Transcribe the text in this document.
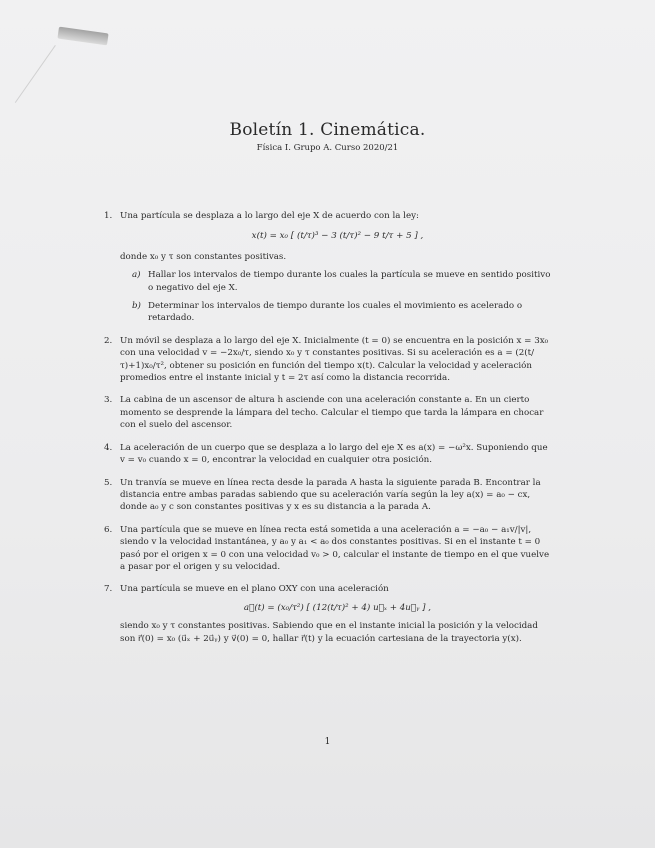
Boletín 1. Cinemática.
Física I. Grupo A. Curso 2020/21
1. Una partícula se desplaza a lo largo del eje X de acuerdo con la ley:
x(t) = x₀ [ (t/τ)³ − 3 (t/τ)² − 9 t/τ + 5 ] ,
donde x₀ y τ son constantes positivas.
a) Hallar los intervalos de tiempo durante los cuales la partícula se mueve en sentido positivo o negativo del eje X.
b) Determinar los intervalos de tiempo durante los cuales el movimiento es acelerado o retardado.
2. Un móvil se desplaza a lo largo del eje X. Inicialmente (t = 0) se encuentra en la posición x = 3x₀ con una velocidad v = −2x₀/τ, siendo x₀ y τ constantes positivas. Si su aceleración es a = (2(t/τ)+1)x₀/τ², obtener su posición en función del tiempo x(t). Calcular la velocidad y aceleración promedios entre el instante inicial y t = 2τ así como la distancia recorrida.
3. La cabina de un ascensor de altura h asciende con una aceleración constante a. En un cierto momento se desprende la lámpara del techo. Calcular el tiempo que tarda la lámpara en chocar con el suelo del ascensor.
4. La aceleración de un cuerpo que se desplaza a lo largo del eje X es a(x) = −ω²x. Suponiendo que v = v₀ cuando x = 0, encontrar la velocidad en cualquier otra posición.
5. Un tranvía se mueve en línea recta desde la parada A hasta la siguiente parada B. Encontrar la distancia entre ambas paradas sabiendo que su aceleración varía según la ley a(x) = a₀ − cx, donde a₀ y c son constantes positivas y x es su distancia a la parada A.
6. Una partícula que se mueve en línea recta está sometida a una aceleración a = −a₀ − a₁v/|v|, siendo v la velocidad instantánea, y a₀ y a₁ < a₀ dos constantes positivas. Si en el instante t = 0 pasó por el origen x = 0 con una velocidad v₀ > 0, calcular el instante de tiempo en el que vuelve a pasar por el origen y su velocidad.
7. Una partícula se mueve en el plano OXY con una aceleración
a⃗(t) = (x₀/τ²) [ (12(t/τ)² + 4) u⃗ₓ + 4u⃗ᵧ ] ,
siendo x₀ y τ constantes positivas. Sabiendo que en el instante inicial la posición y la velocidad son r⃗(0) = x₀ (u⃗ₓ + 2u⃗ᵧ) y v⃗(0) = 0, hallar r⃗(t) y la ecuación cartesiana de la trayectoria y(x).
1
